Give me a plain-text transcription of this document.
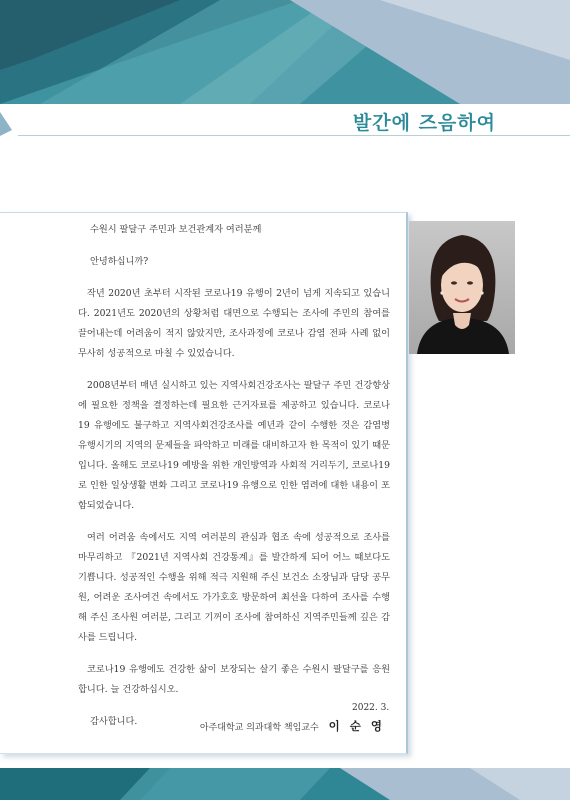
발간에 즈음하여

수원시 팔달구 주민과 보건관계자 여러분께

안녕하십니까?

작년 2020년 초부터 시작된 코로나19 유행이 2년이 넘게 지속되고 있습니다. 2021년도 2020년의 상황처럼 대면으로 수행되는 조사에 주민의 참여를 끌어내는데 어려움이 적지 않았지만, 조사과정에 코로나 감염 전파 사례 없이 무사히 성공적으로 마칠 수 있었습니다.

2008년부터 매년 실시하고 있는 지역사회건강조사는 팔달구 주민 건강향상에 필요한 정책을 결정하는데 필요한 근거자료를 제공하고 있습니다. 코로나19 유행에도 불구하고 지역사회건강조사를 예년과 같이 수행한 것은 감염병 유행시기의 지역의 문제들을 파악하고 미래를 대비하고자 한 목적이 있기 때문입니다. 올해도 코로나19 예방을 위한 개인방역과 사회적 거리두기, 코로나19로 인한 일상생활 변화 그리고 코로나19 유행으로 인한 염려에 대한 내용이 포함되었습니다.

여러 어려움 속에서도 지역 여러분의 관심과 협조 속에 성공적으로 조사를 마무리하고 『2021년 지역사회 건강통계』를 발간하게 되어 어느 때보다도 기쁩니다. 성공적인 수행을 위해 적극 지원해 주신 보건소 소장님과 담당 공무원, 어려운 조사여건 속에서도 가가호호 방문하여 최선을 다하여 조사를 수행해 주신 조사원 여러분, 그리고 기꺼이 조사에 참여하신 지역주민들께 깊은 감사를 드립니다.

코로나19 유행에도 건강한 삶이 보장되는 살기 좋은 수원시 팔달구를 응원합니다. 늘 건강하십시오.

감사합니다.

2022. 3.
아주대학교 의과대학 책임교수 이 순 영
